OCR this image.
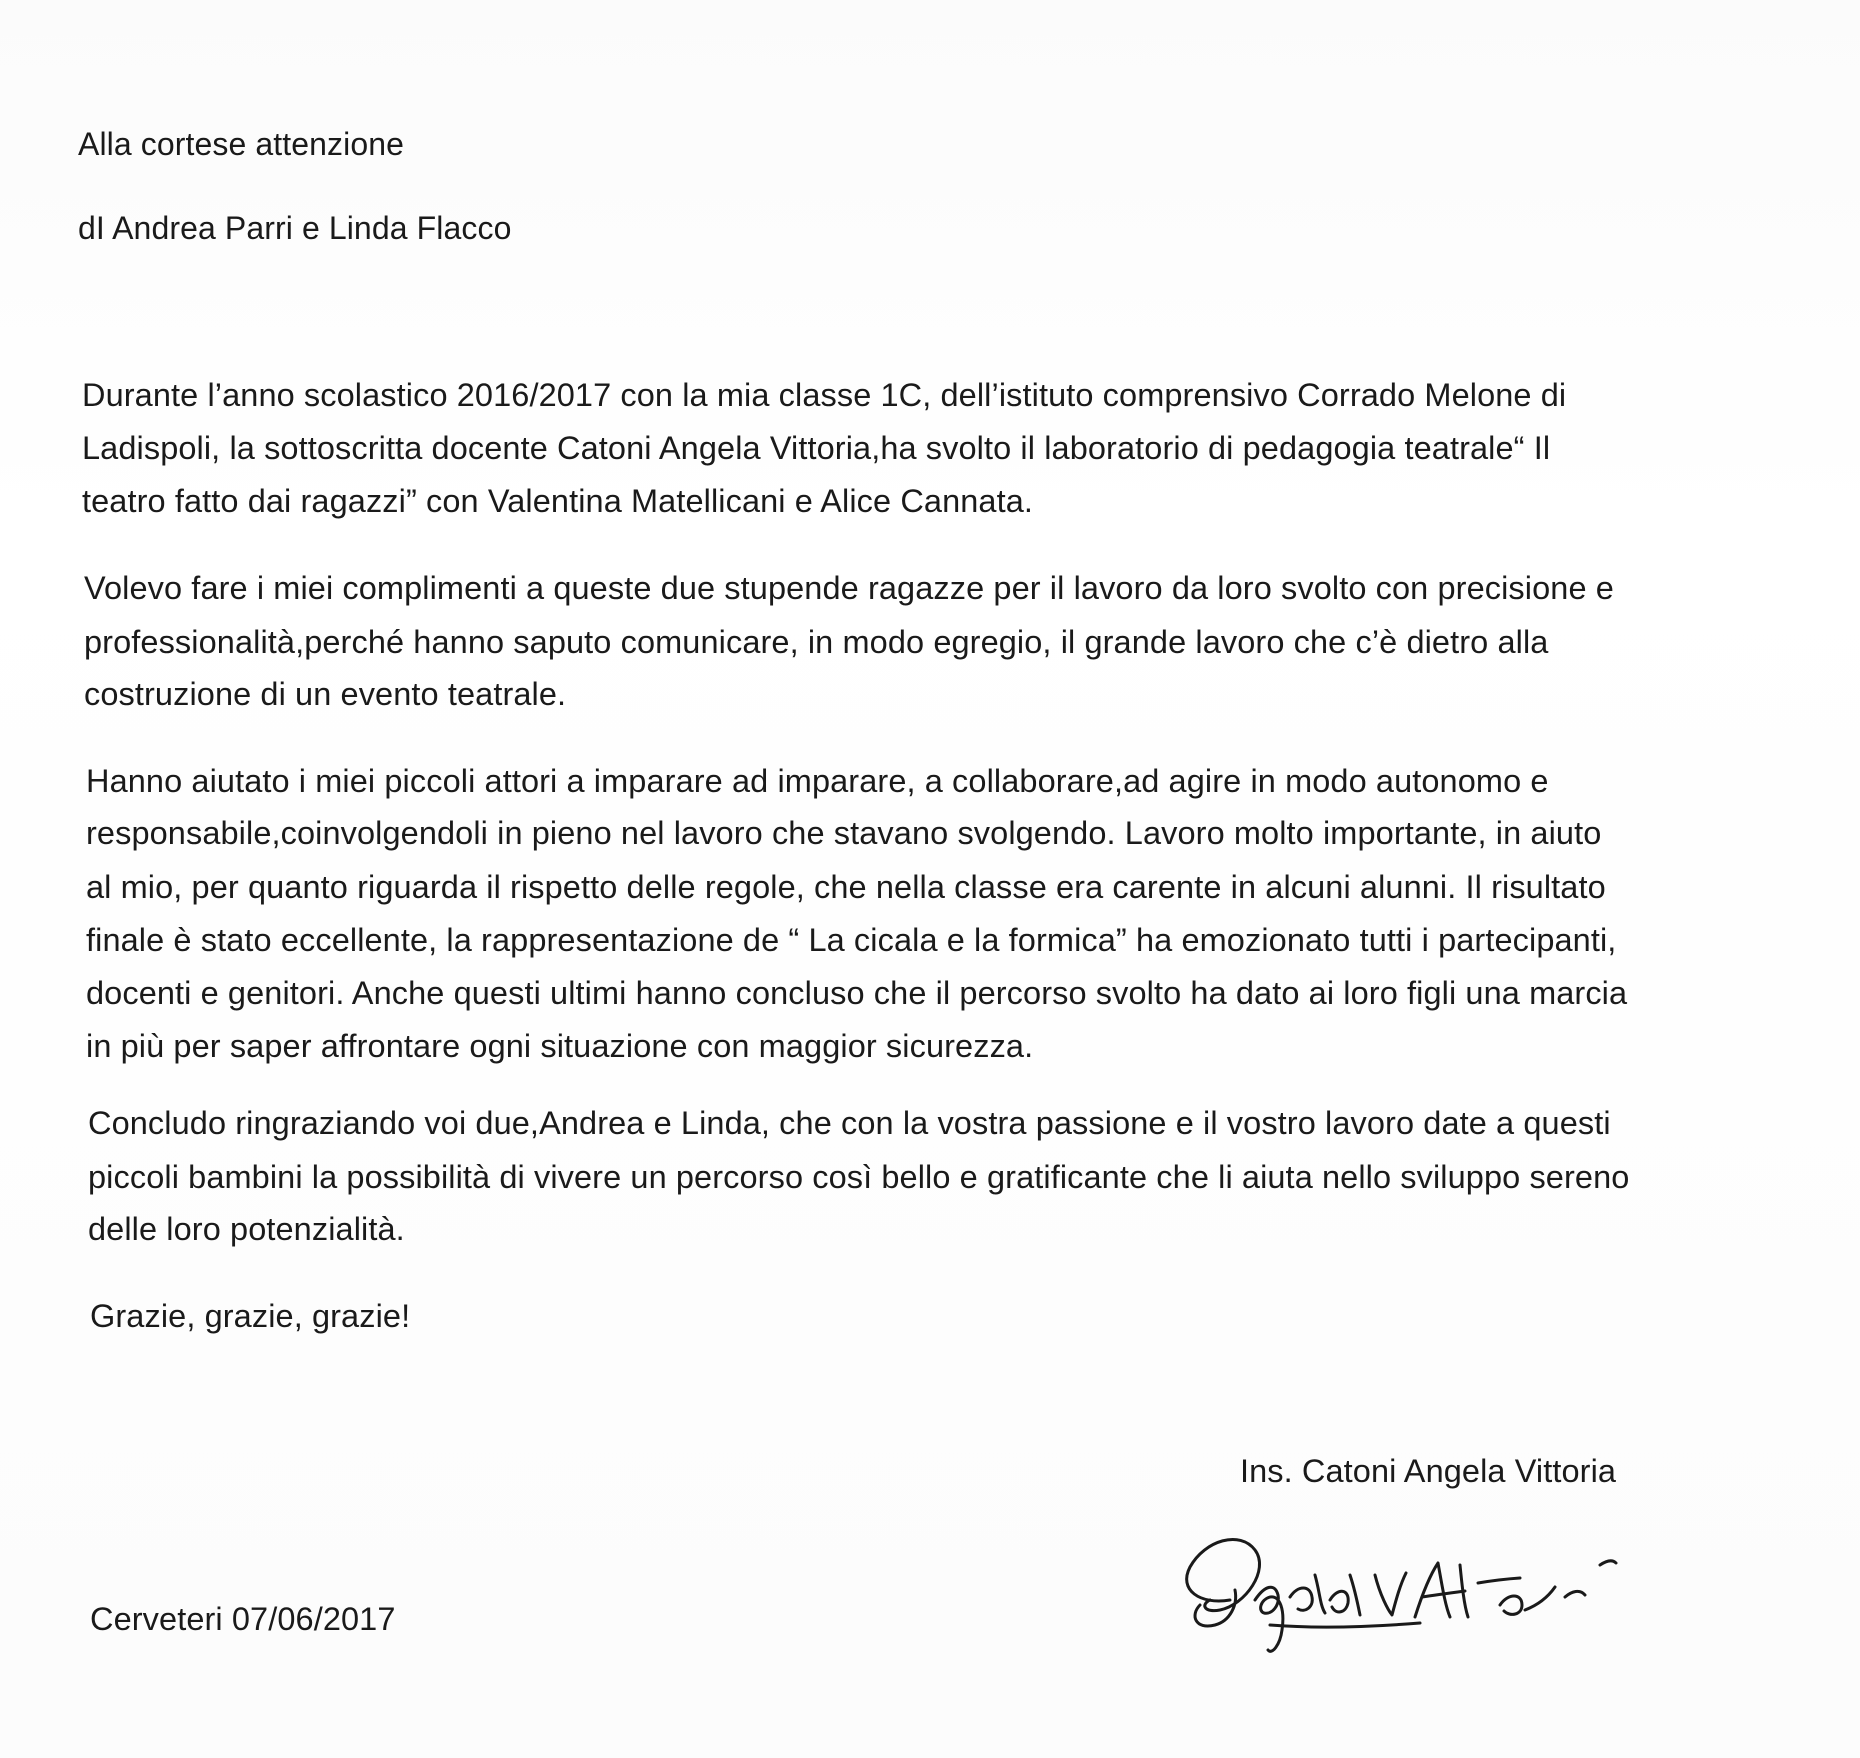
Alla cortese attenzione
dI Andrea Parri e Linda Flacco
Durante l’anno scolastico 2016/2017 con la mia classe 1C, dell’istituto comprensivo Corrado Melone di
Ladispoli, la sottoscritta docente Catoni Angela Vittoria,ha svolto il laboratorio di pedagogia teatrale“ Il
teatro fatto dai ragazzi” con Valentina Matellicani e Alice Cannata.
Volevo fare i miei complimenti a queste due stupende ragazze per il lavoro da loro svolto con precisione e
professionalità,perché hanno saputo comunicare, in modo egregio, il grande lavoro che c’è dietro alla
costruzione di un evento teatrale.
Hanno aiutato i miei piccoli attori a imparare ad imparare, a collaborare,ad agire in modo autonomo e
responsabile,coinvolgendoli in pieno nel lavoro che stavano svolgendo. Lavoro molto importante, in aiuto
al mio, per quanto riguarda il rispetto delle regole, che nella classe era carente in alcuni alunni. Il risultato
finale è stato eccellente, la rappresentazione de “ La cicala e la formica” ha emozionato tutti i partecipanti,
docenti e genitori. Anche questi ultimi hanno concluso che il percorso svolto ha dato ai loro figli una marcia
in più per saper affrontare ogni situazione con maggior sicurezza.
Concludo ringraziando voi due,Andrea e Linda, che con la vostra passione e il vostro lavoro date a questi
piccoli bambini la possibilità di vivere un percorso così bello e gratificante che li aiuta nello sviluppo sereno
delle loro potenzialità.
Grazie, grazie, grazie!
Ins. Catoni Angela Vittoria
Cerveteri 07/06/2017
